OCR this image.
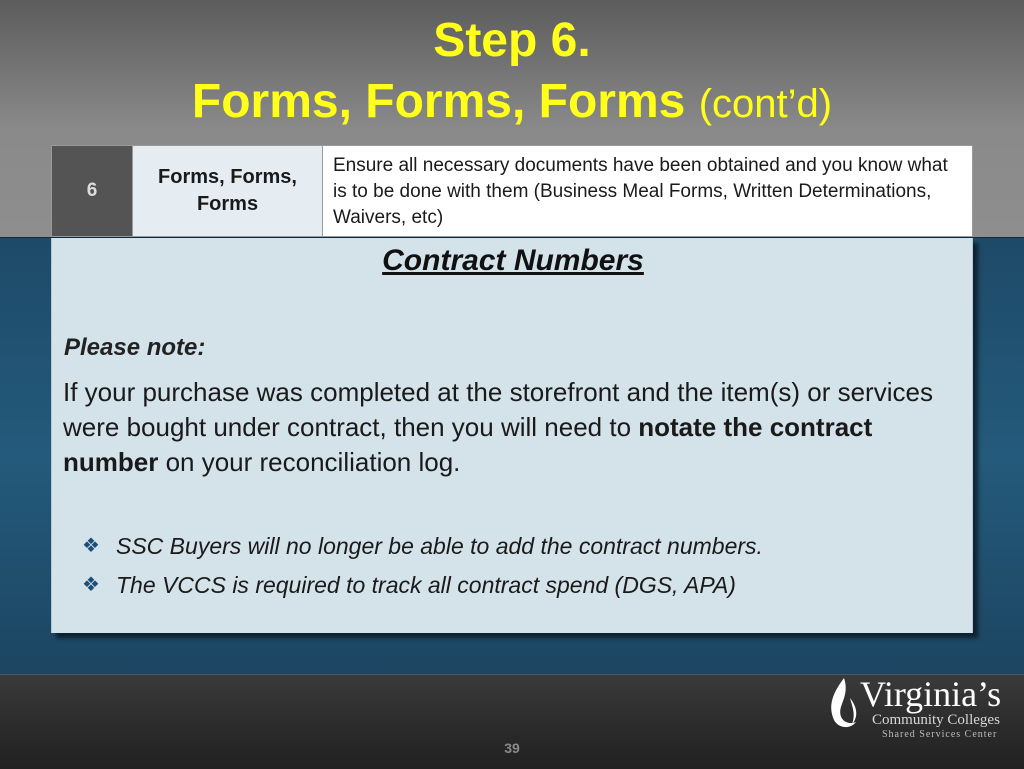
Step 6.
Forms, Forms, Forms (cont’d)
6
Forms, Forms, Forms
Ensure all necessary documents have been obtained and you know what is to be done with them (Business Meal Forms, Written Determinations, Waivers, etc)
Contract Numbers
Please note:
If your purchase was completed at the storefront and the item(s) or services were bought under contract, then you will need to notate the contract number on your reconciliation log.
❖ SSC Buyers will no longer be able to add the contract numbers.
❖ The VCCS is required to track all contract spend (DGS, APA)
Virginia’s
Community Colleges
Shared Services Center
39
